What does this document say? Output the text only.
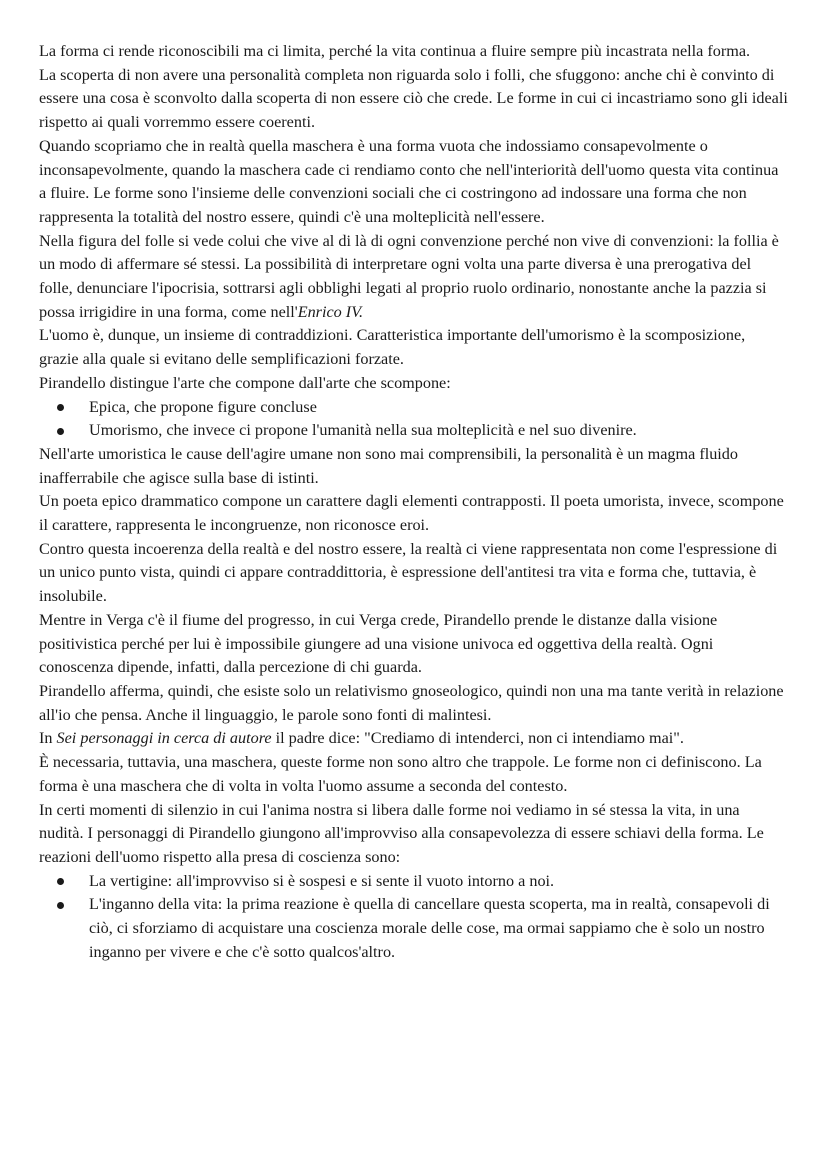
La forma ci rende riconoscibili ma ci limita, perché la vita continua a fluire sempre più incastrata nella forma.

La scoperta di non avere una personalità completa non riguarda solo i folli, che sfuggono: anche chi è convinto di essere una cosa è sconvolto dalla scoperta di non essere ciò che crede. Le forme in cui ci incastriamo sono gli ideali rispetto ai quali vorremmo essere coerenti.

Quando scopriamo che in realtà quella maschera è una forma vuota che indossiamo consapevolmente o inconsapevolmente, quando la maschera cade ci rendiamo conto che nell'interiorità dell'uomo questa vita continua a fluire. Le forme sono l'insieme delle convenzioni sociali che ci costringono ad indossare una forma che non rappresenta la totalità del nostro essere, quindi c'è una molteplicità nell'essere.

Nella figura del folle si vede colui che vive al di là di ogni convenzione perché non vive di convenzioni: la follia è un modo di affermare sé stessi. La possibilità di interpretare ogni volta una parte diversa è una prerogativa del folle, denunciare l'ipocrisia, sottrarsi agli obblighi legati al proprio ruolo ordinario, nonostante anche la pazzia si possa irrigidire in una forma, come nell'Enrico IV.

L'uomo è, dunque, un insieme di contraddizioni. Caratteristica importante dell'umorismo è la scomposizione, grazie alla quale si evitano delle semplificazioni forzate.

Pirandello distingue l'arte che compone dall'arte che scompone:

Epica, che propone figure concluse
Umorismo, che invece ci propone l'umanità nella sua molteplicità e nel suo divenire.

Nell'arte umoristica le cause dell'agire umane non sono mai comprensibili, la personalità è un magma fluido inafferrabile che agisce sulla base di istinti.

Un poeta epico drammatico compone un carattere dagli elementi contrapposti. Il poeta umorista, invece, scompone il carattere, rappresenta le incongruenze, non riconosce eroi.

Contro questa incoerenza della realtà e del nostro essere, la realtà ci viene rappresentata non come l'espressione di un unico punto vista, quindi ci appare contraddittoria, è espressione dell'antitesi tra vita e forma che, tuttavia, è insolubile.

Mentre in Verga c'è il fiume del progresso, in cui Verga crede, Pirandello prende le distanze dalla visione positivistica perché per lui è impossibile giungere ad una visione univoca ed oggettiva della realtà. Ogni conoscenza dipende, infatti, dalla percezione di chi guarda.

Pirandello afferma, quindi, che esiste solo un relativismo gnoseologico, quindi non una ma tante verità in relazione all'io che pensa. Anche il linguaggio, le parole sono fonti di malintesi.

In Sei personaggi in cerca di autore il padre dice: "Crediamo di intenderci, non ci intendiamo mai".

È necessaria, tuttavia, una maschera, queste forme non sono altro che trappole. Le forme non ci definiscono. La forma è una maschera che di volta in volta l'uomo assume a seconda del contesto.

In certi momenti di silenzio in cui l'anima nostra si libera dalle forme noi vediamo in sé stessa la vita, in una nudità. I personaggi di Pirandello giungono all'improvviso alla consapevolezza di essere schiavi della forma. Le reazioni dell'uomo rispetto alla presa di coscienza sono:

La vertigine: all'improvviso si è sospesi e si sente il vuoto intorno a noi.
L'inganno della vita: la prima reazione è quella di cancellare questa scoperta, ma in realtà, consapevoli di ciò, ci sforziamo di acquistare una coscienza morale delle cose, ma ormai sappiamo che è solo un nostro inganno per vivere e che c'è sotto qualcos'altro.
